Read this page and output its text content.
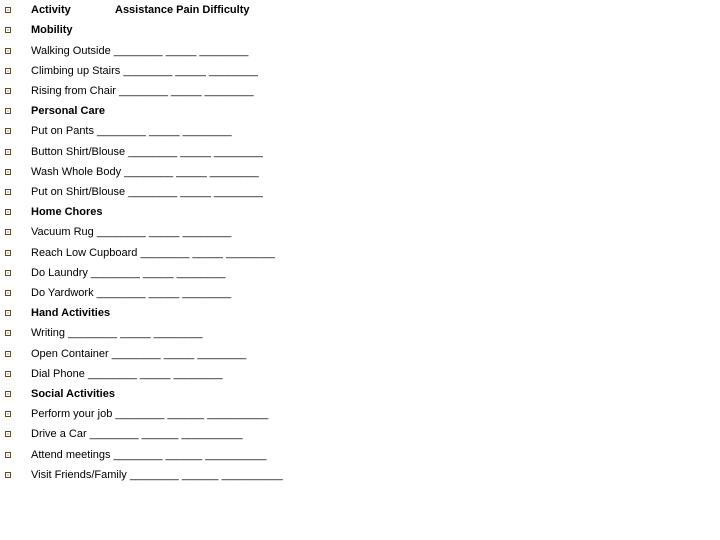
Activity

	Assistance Pain Difficulty

Mobility

Walking Outside ________ _____ ________

Climbing up Stairs ________ _____ ________

Rising from Chair ________ _____ ________

Personal Care

Put on Pants ________ _____ ________

Button Shirt/Blouse ________ _____ ________

Wash Whole Body ________ _____ ________

Put on Shirt/Blouse ________ _____ ________

Home Chores

Vacuum Rug ________ _____ ________

Reach Low Cupboard ________ _____ ________

Do Laundry ________ _____ ________

Do Yardwork ________ _____ ________

Hand Activities

Writing ________ _____ ________

Open Container ________ _____ ________

Dial Phone ________ _____ ________

Social Activities

Perform your job ________ ______ __________

Drive a Car ________ ______ __________

Attend meetings ________ ______ __________

Visit Friends/Family ________ ______ __________
